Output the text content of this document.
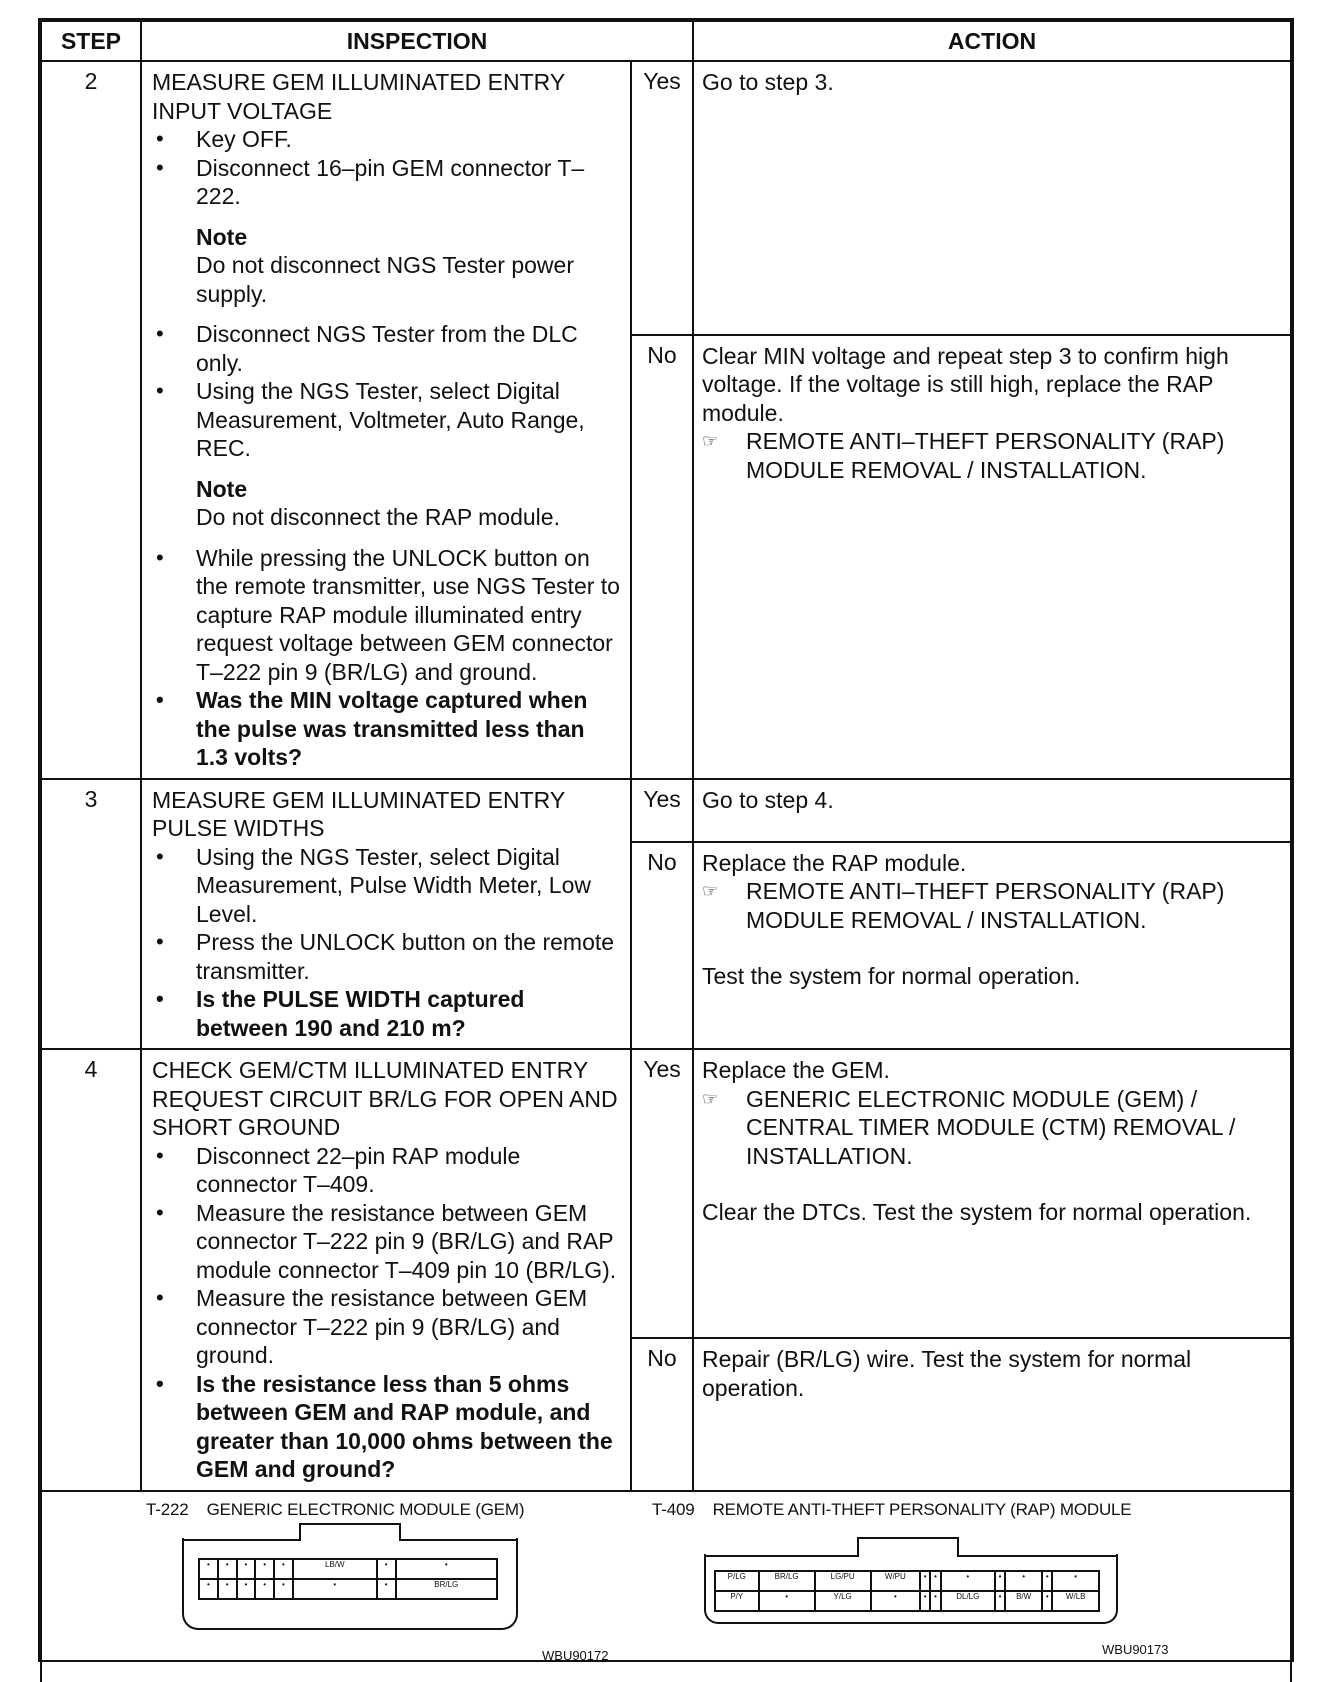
STEP	INSPECTION	ACTION
2	MEASURE GEM ILLUMINATED ENTRY INPUT VOLTAGE
• Key OFF.
• Disconnect 16–pin GEM connector T–222.
Note
Do not disconnect NGS Tester power supply.
• Disconnect NGS Tester from the DLC only.
• Using the NGS Tester, select Digital Measurement, Voltmeter, Auto Range, REC.
Note
Do not disconnect the RAP module.
• While pressing the UNLOCK button on the remote transmitter, use NGS Tester to capture RAP module illuminated entry request voltage between GEM connector T–222 pin 9 (BR/LG) and ground.
• Was the MIN voltage captured when the pulse was transmitted less than 1.3 volts?
	Yes	Go to step 3.
No	Clear MIN voltage and repeat step 3 to confirm high voltage. If the voltage is still high, replace the RAP module.
☞ REMOTE ANTI–THEFT PERSONALITY (RAP) MODULE REMOVAL / INSTALLATION.

3	MEASURE GEM ILLUMINATED ENTRY PULSE WIDTHS
• Using the NGS Tester, select Digital Measurement, Pulse Width Meter, Low Level.
• Press the UNLOCK button on the remote transmitter.
• Is the PULSE WIDTH captured between 190 and 210 m?
	Yes	Go to step 4.
No	Replace the RAP module.
☞ REMOTE ANTI–THEFT PERSONALITY (RAP) MODULE REMOVAL / INSTALLATION.
Test the system for normal operation.

4	CHECK GEM/CTM ILLUMINATED ENTRY REQUEST CIRCUIT BR/LG FOR OPEN AND SHORT GROUND
• Disconnect 22–pin RAP module connector T–409.
• Measure the resistance between GEM connector T–222 pin 9 (BR/LG) and RAP module connector T–409 pin 10 (BR/LG).
• Measure the resistance between GEM connector T–222 pin 9 (BR/LG) and ground.
• Is the resistance less than 5 ohms between GEM and RAP module, and greater than 10,000 ohms between the GEM and ground?
	Yes	Replace the GEM.
☞ GENERIC ELECTRONIC MODULE (GEM) / CENTRAL TIMER MODULE (CTM) REMOVAL / INSTALLATION.
Clear the DTCs. Test the system for normal operation.

No	Repair (BR/LG) wire. Test the system for normal operation.

T-222 GENERIC ELECTRONIC MODULE (GEM)
•	•	•	•	•	LB/W	•	•
•	•	•	•	•	•	•	BR/LG
WBU90172
T-409 REMOTE ANTI-THEFT PERSONALITY (RAP) MODULE
P/LG	BR/LG	LG/PU	W/PU	•	•	•	•	•	•	•
P/Y	•	Y/LG	•	•	•	DL/LG	•	B/W	•	W/LB
WBU90173
